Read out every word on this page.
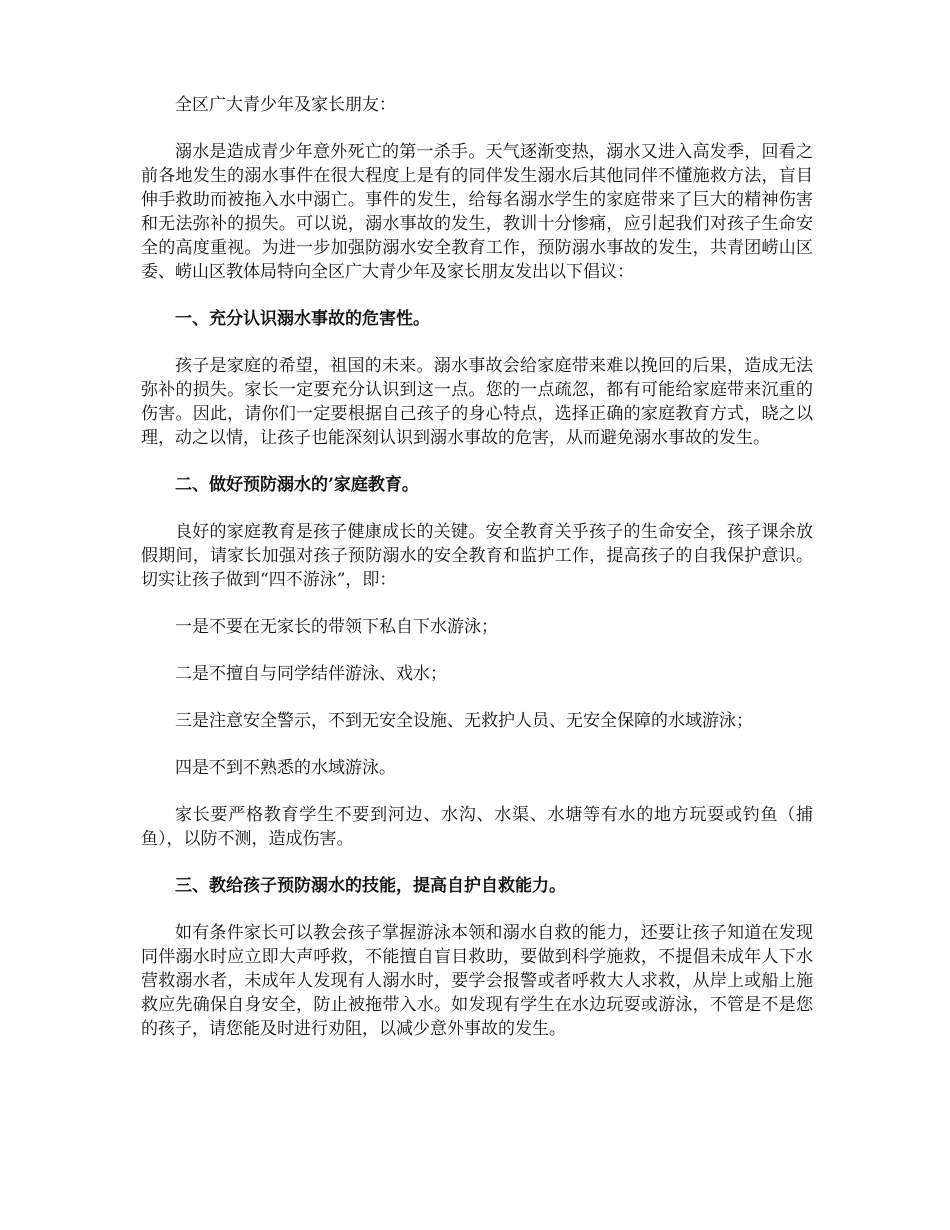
全区广大青少年及家长朋友：

溺水是造成青少年意外死亡的第一杀手。天气逐渐变热，溺水又进入高发季，回看之前各地发生的溺水事件在很大程度上是有的同伴发生溺水后其他同伴不懂施救方法，盲目伸手救助而被拖入水中溺亡。事件的发生，给每名溺水学生的家庭带来了巨大的精神伤害和无法弥补的损失。可以说，溺水事故的发生，教训十分惨痛，应引起我们对孩子生命安全的高度重视。为进一步加强防溺水安全教育工作，预防溺水事故的发生，共青团崂山区委、崂山区教体局特向全区广大青少年及家长朋友发出以下倡议：

一、充分认识溺水事故的危害性。

孩子是家庭的希望，祖国的未来。溺水事故会给家庭带来难以挽回的后果，造成无法弥补的损失。家长一定要充分认识到这一点。您的一点疏忽，都有可能给家庭带来沉重的伤害。因此，请你们一定要根据自己孩子的身心特点，选择正确的家庭教育方式，晓之以理，动之以情，让孩子也能深刻认识到溺水事故的危害，从而避免溺水事故的发生。

二、做好预防溺水的’家庭教育。

良好的家庭教育是孩子健康成长的关键。安全教育关乎孩子的生命安全，孩子课余放假期间，请家长加强对孩子预防溺水的安全教育和监护工作，提高孩子的自我保护意识。切实让孩子做到“四不游泳”，即：

一是不要在无家长的带领下私自下水游泳；

二是不擅自与同学结伴游泳、戏水；

三是注意安全警示，不到无安全设施、无救护人员、无安全保障的水域游泳；

四是不到不熟悉的水域游泳。

家长要严格教育学生不要到河边、水沟、水渠、水塘等有水的地方玩耍或钓鱼（捕鱼），以防不测，造成伤害。

三、教给孩子预防溺水的技能，提高自护自救能力。

如有条件家长可以教会孩子掌握游泳本领和溺水自救的能力，还要让孩子知道在发现同伴溺水时应立即大声呼救，不能擅自盲目救助，要做到科学施救，不提倡未成年人下水营救溺水者，未成年人发现有人溺水时，要学会报警或者呼救大人求救，从岸上或船上施救应先确保自身安全，防止被拖带入水。如发现有学生在水边玩耍或游泳，不管是不是您的孩子，请您能及时进行劝阻，以减少意外事故的发生。
